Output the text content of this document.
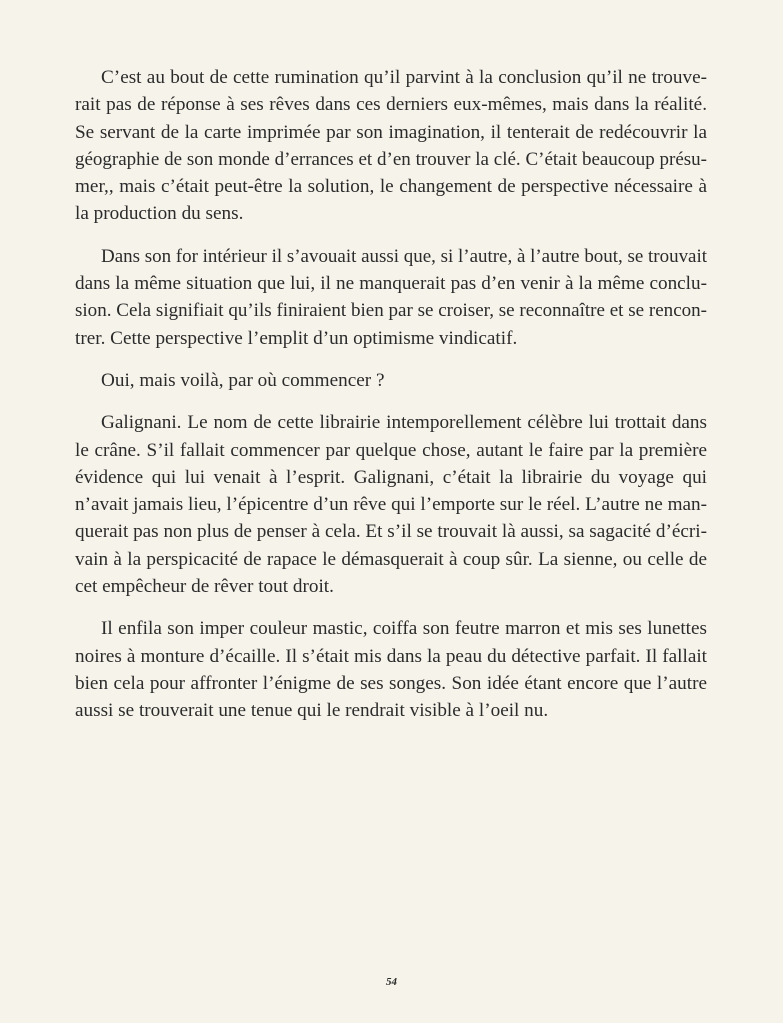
C’est au bout de cette rumination qu’il parvint à la conclusion qu’il ne trouve-
rait pas de réponse à ses rêves dans ces derniers eux-mêmes, mais dans la réalité.
Se servant de la carte imprimée par son imagination, il tenterait de redécouvrir la
géographie de son monde d’errances et d’en trouver la clé. C’était beaucoup présu-
mer,, mais c’était peut-être la solution, le changement de perspective nécessaire à
la production du sens.
Dans son for intérieur il s’avouait aussi que, si l’autre, à l’autre bout, se trouvait
dans la même situation que lui, il ne manquerait pas d’en venir à la même conclu-
sion. Cela signifiait qu’ils finiraient bien par se croiser, se reconnaître et se rencon-
trer. Cette perspective l’emplit d’un optimisme vindicatif.
Oui, mais voilà, par où commencer ?
Galignani. Le nom de cette librairie intemporellement célèbre lui trottait dans
le crâne. S’il fallait commencer par quelque chose, autant le faire par la première
évidence qui lui venait à l’esprit. Galignani, c’était la librairie du voyage qui
n’avait jamais lieu, l’épicentre d’un rêve qui l’emporte sur le réel. L’autre ne man-
querait pas non plus de penser à cela. Et s’il se trouvait là aussi, sa sagacité d’écri-
vain à la perspicacité de rapace le démasquerait à coup sûr. La sienne, ou celle de
cet empêcheur de rêver tout droit.
Il enfila son imper couleur mastic, coiffa son feutre marron et mis ses lunettes
noires à monture d’écaille. Il s’était mis dans la peau du détective parfait. Il fallait
bien cela pour affronter l’énigme de ses songes. Son idée étant encore que l’autre
aussi se trouverait une tenue qui le rendrait visible à l’oeil nu.
54
